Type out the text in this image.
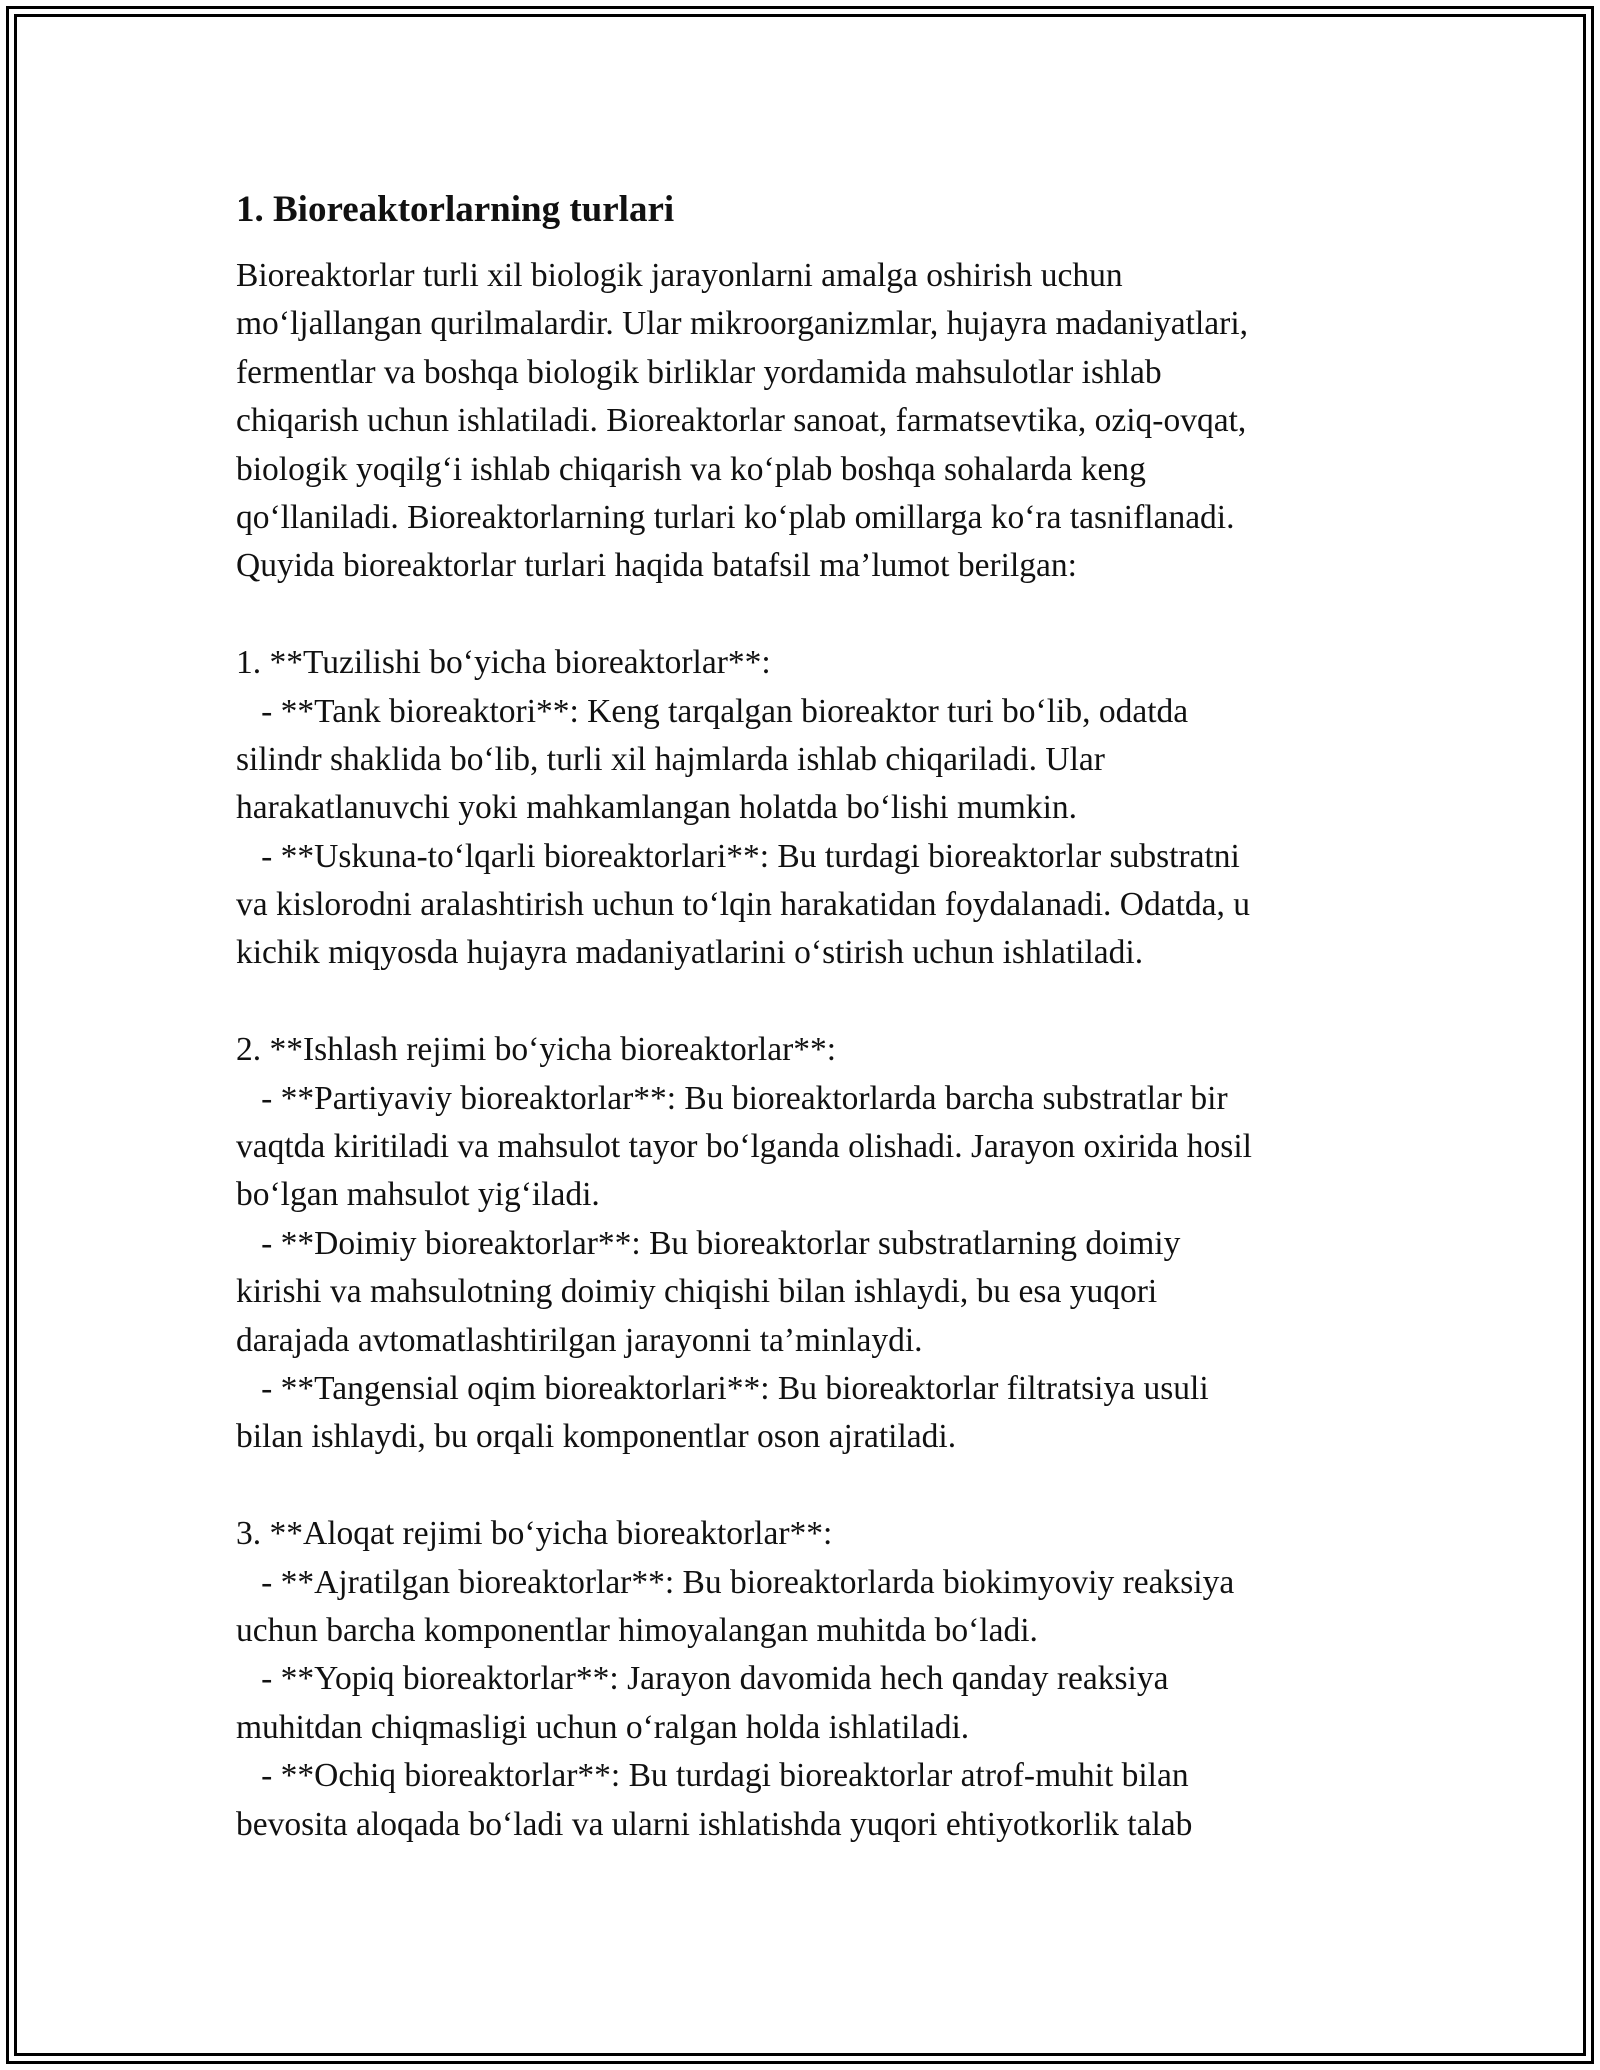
1. Bioreaktorlarning turlari
Bioreaktorlar turli xil biologik jarayonlarni amalga oshirish uchun
mo‘ljallangan qurilmalardir. Ular mikroorganizmlar, hujayra madaniyatlari,
fermentlar va boshqa biologik birliklar yordamida mahsulotlar ishlab
chiqarish uchun ishlatiladi. Bioreaktorlar sanoat, farmatsevtika, oziq-ovqat,
biologik yoqilg‘i ishlab chiqarish va ko‘plab boshqa sohalarda keng
qo‘llaniladi. Bioreaktorlarning turlari ko‘plab omillarga ko‘ra tasniflanadi.
Quyida bioreaktorlar turlari haqida batafsil ma’lumot berilgan:
1. **Tuzilishi bo‘yicha bioreaktorlar**:
- **Tank bioreaktori**: Keng tarqalgan bioreaktor turi bo‘lib, odatda
silindr shaklida bo‘lib, turli xil hajmlarda ishlab chiqariladi. Ular
harakatlanuvchi yoki mahkamlangan holatda bo‘lishi mumkin.
- **Uskuna-to‘lqarli bioreaktorlari**: Bu turdagi bioreaktorlar substratni
va kislorodni aralashtirish uchun to‘lqin harakatidan foydalanadi. Odatda, u
kichik miqyosda hujayra madaniyatlarini o‘stirish uchun ishlatiladi.
2. **Ishlash rejimi bo‘yicha bioreaktorlar**:
- **Partiyaviy bioreaktorlar**: Bu bioreaktorlarda barcha substratlar bir
vaqtda kiritiladi va mahsulot tayor bo‘lganda olishadi. Jarayon oxirida hosil
bo‘lgan mahsulot yig‘iladi.
- **Doimiy bioreaktorlar**: Bu bioreaktorlar substratlarning doimiy
kirishi va mahsulotning doimiy chiqishi bilan ishlaydi, bu esa yuqori
darajada avtomatlashtirilgan jarayonni ta’minlaydi.
- **Tangensial oqim bioreaktorlari**: Bu bioreaktorlar filtratsiya usuli
bilan ishlaydi, bu orqali komponentlar oson ajratiladi.
3. **Aloqat rejimi bo‘yicha bioreaktorlar**:
- **Ajratilgan bioreaktorlar**: Bu bioreaktorlarda biokimyoviy reaksiya
uchun barcha komponentlar himoyalangan muhitda bo‘ladi.
- **Yopiq bioreaktorlar**: Jarayon davomida hech qanday reaksiya
muhitdan chiqmasligi uchun o‘ralgan holda ishlatiladi.
- **Ochiq bioreaktorlar**: Bu turdagi bioreaktorlar atrof-muhit bilan
bevosita aloqada bo‘ladi va ularni ishlatishda yuqori ehtiyotkorlik talab
